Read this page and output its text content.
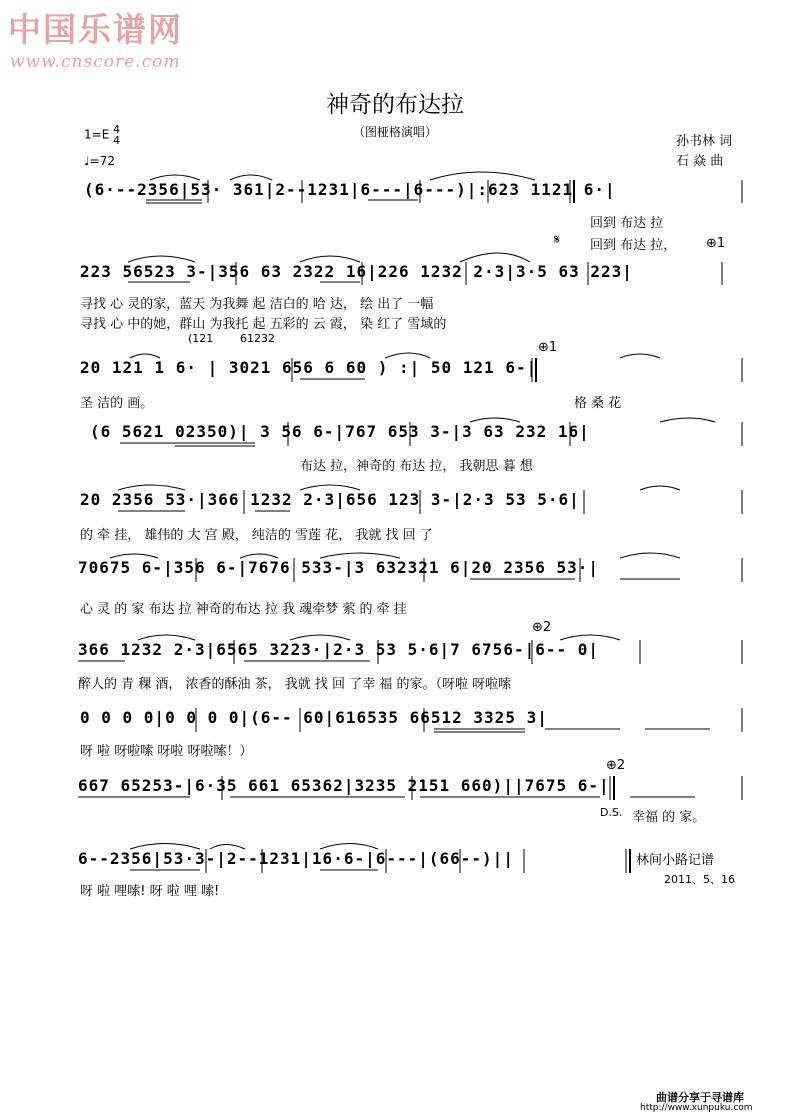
中国乐谱网
www.cnscore.com
神奇的布达拉
（图桠格演唱）
1=E 4
4
♩=72
孙书林 词
石 焱 曲
(6·--2356|53· 361|2--1231|6---|6---)|:623 1121 6·|
回到 布达 拉
回到 布达 拉，
𝄋	⊕1
223 56523 3-|356 63 2322 16|226 1232 2·3|3·5 63 223|
寻找 心 灵的家，蓝天 为我舞 起 洁白的 哈 达， 绘 出了 一幅
寻找 心 中的她，群山 为我托 起 五彩的 云 霞， 染 红了 雪域的
(121 61232
⊕1
20 121 1 6· | 3021 656 6 60 ) :| 50 121 6-|
圣 洁的 画。	格 桑 花
(6 5621 02350)| 3 56 6-|767 653 3-|3 63 232 16|
布达 拉，神奇的 布达 拉， 我朝思 暮 想
20 2356 53·|366 1232 2·3|656 123 3-|2·3 53 5·6|
的 牵 挂， 雄伟的 大 宫 殿， 纯洁的 雪莲 花， 我就 找 回 了
70675 6-|356 6-|7676 533-|3 632321 6|20 2356 53·|
心 灵 的 家 布达 拉 神奇的布达 拉 我 魂牵梦 萦 的 牵 挂
⊕2
366 1232 2·3|6565 3223·|2·3 53 5·6|7 6756-|6-- 0|
醉人的 青 稞 酒， 浓香的酥油 茶， 我就 找 回 了幸 福 的家。（呀啦 呀啦嗦
0 0 0 0|0 0 0 0|(6-- 60|616535 66512 3325 3|
呀 啦 呀啦嗦 呀啦 呀啦嗦！）
⊕2
667 65253-|6·35 661 65362|3235 2151 660)||7675 6-|
D.S. 幸福 的 家。
6--2356|53·3-|2--1231|16·6-|6---|(66--)||
呀 啦 哩嗦! 呀 啦 哩 嗦!
林间小路记谱
2011、5、16
曲谱分享于寻谱库
http://www.xunpuku.com
